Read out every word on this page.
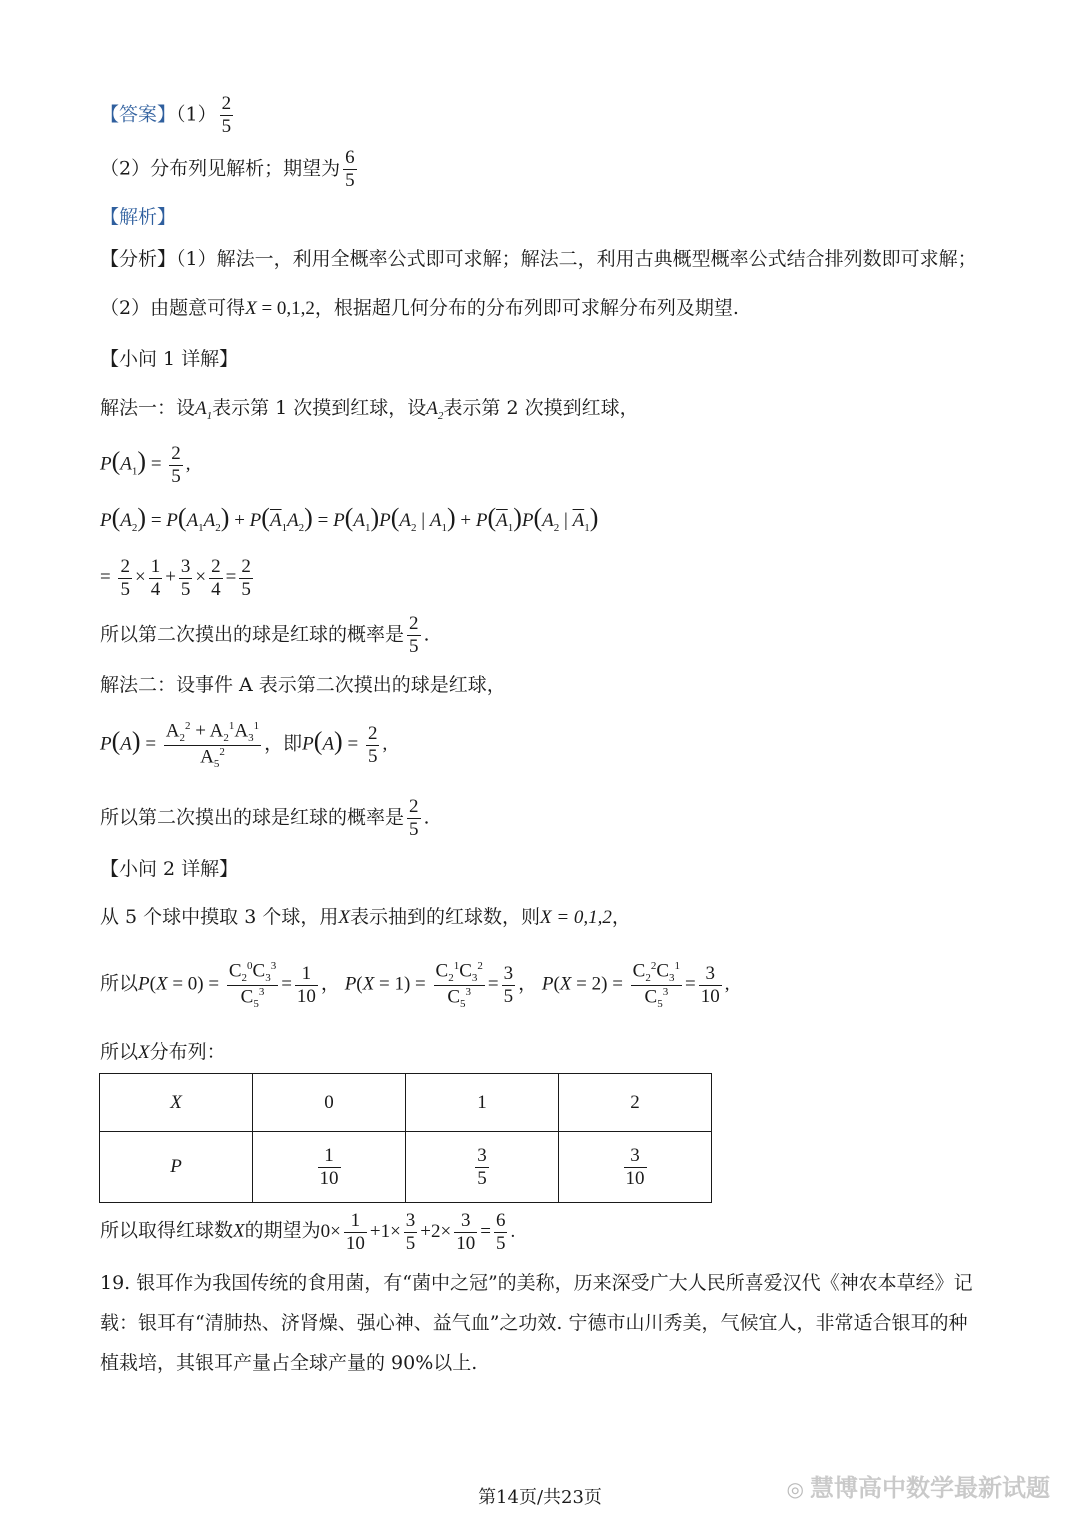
【答案】$(1) \frac{2}{5}$
（2）分布列见解析；期望为 $\frac{6}{5}$
【解析】
【分析】（1）解法一，利用全概率公式即可求解；解法二，利用古典概型概率公式结合排列数即可求解；
（2）由题意可得X = 0,1,2，根据超几何分布的分布列即可求解分布列及期望.
【小问 1 详解】
解法一：设$A_1$表示第 1 次摸到红球，设$A_2$表示第 2 次摸到红球，
$P(A_1) = \frac{2}{5}$ ,
$P(A_2) = P(A_1A_2) + P(\overline{A}_1A_2) = P(A_1)P(A_2$ | $A_1) + P(\overline{A}_1)P(A_2$ | $\overline{A}_1$)
= $\frac{2}{5} \times \frac{1}{4} + \frac{3}{5} \times \frac{2}{4} = \frac{2}{5}$
所以第二次摸出的球是红球的概率是 $\frac{2}{5}$ .
解法二：设事件 A 表示第二次摸出的球是红球，
$P(A) = \frac{A_2^2 + A_2^1A_3^1}{A_5^2}$ ，即$P(A) = \frac{2}{5}$ ,
所以第二次摸出的球是红球的概率是 $\frac{2}{5}$ .
【小问 2 详解】
从 5 个球中摸取 3 个球，用X表示抽到的红球数，则X = 0,1,2，
所以$P(X = 0) = \frac{C_2^0C_3^3}{C_5^3} = \frac{1}{10}$ ， $P(X = 1) = \frac{C_2^1C_3^2}{C_5^3} = \frac{3}{5}$ ， $P(X = 2) = \frac{C_2^2C_3^1}{C_5^3} = \frac{3}{10}$ ,
所以X分布列：
X	0	1	2
P	$\frac{1}{10}$	$\frac{3}{5}$	$\frac{3}{10}$
所以取得红球数X的期望为$0\times \frac{1}{10} +1\times \frac{3}{5} +2\times \frac{3}{10} = \frac{6}{5}$ .
19. 银耳作为我国传统的食用菌，有“菌中之冠”的美称，历来深受广大人民所喜爱汉代《神农本草经》记
载：银耳有“清肺热、济肾燥、强心神、益气血”之功效. 宁德市山川秀美，气候宜人，非常适合银耳的种
植栽培，其银耳产量占全球产量的 90%以上.
第14页/共23页	◎ 慧博高中数学最新试题
